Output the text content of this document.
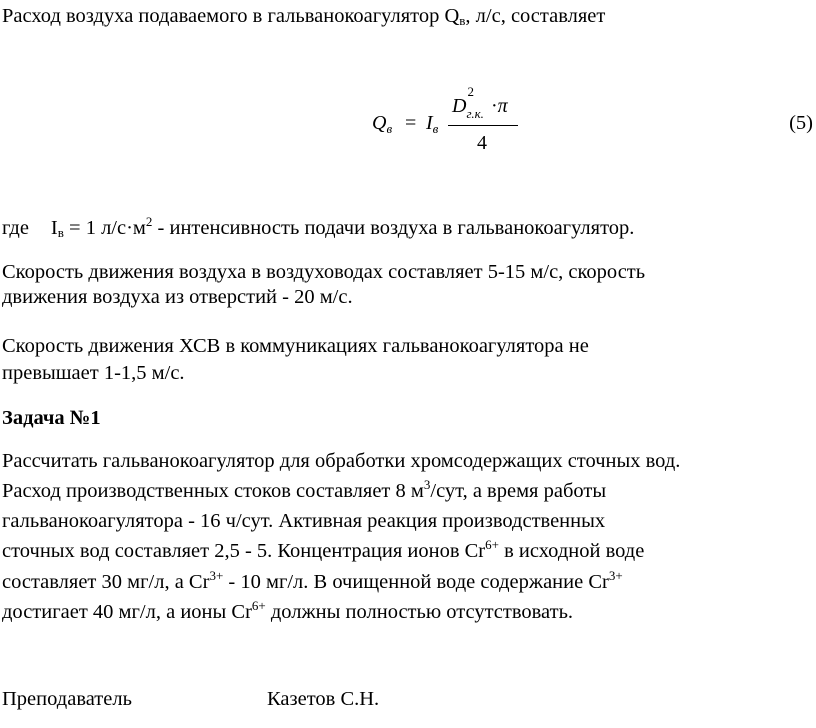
Расход воздуха подаваемого в гальванокоагулятор $Q_в$, л/с, составляет
$Q_в = I_в$
D
2
$_{г.к.}$ ·π
4
(5)
где $I_в = 1$ $л/с\cdot м^2$ - интенсивность подачи воздуха в гальванокоагулятор.
Скорость движения воздуха в воздуховодах составляет 5-15 м/с, скорость
движения воздуха из отверстий - 20 м/с.
Скорость движения ХСВ в коммуникациях гальванокоагулятора не
превышает 1-1,5 м/с.
Задача №1
Рассчитать гальванокоагулятор для обработки хромсодержащих сточных вод.
Расход производственных стоков составляет 8 $м^3$/сут, а время работы
гальванокоагулятора - 16 ч/сут. Активная реакция производственных
сточных вод составляет 2,5 - 5. Концентрация ионов $Cr^{6+}$ в исходной воде
составляет 30 мг/л, а $Cr^{3+} - 10$ мг/л. В очищенной воде содержание $Cr^{3+}$
достигает 40 мг/л, а ионы $Cr^{6+}$ должны полностью отсутствовать.
Преподаватель	Казетов С.Н.
